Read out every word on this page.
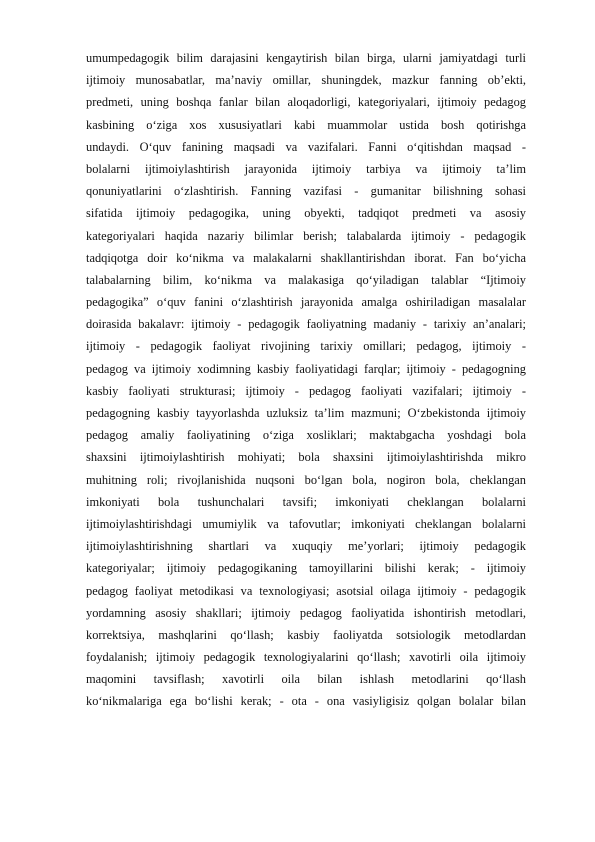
umumpedagogik bilim darajasini kengaytirish bilan birga, ularni jamiyatdagi turli
ijtimoiy munosabatlar, ma’naviy omillar, shuningdek, mazkur fanning ob’ekti,
predmeti, uning boshqa fanlar bilan aloqadorligi, kategoriyalari, ijtimoiy pedagog
kasbining o‘ziga xos xususiyatlari kabi muammolar ustida bosh qotirishga
undaydi. O‘quv fanining maqsadi va vazifalari. Fanni o‘qitishdan maqsad -
bolalarni ijtimoiylashtirish jarayonida ijtimoiy tarbiya va ijtimoiy ta’lim
qonuniyatlarini o‘zlashtirish. Fanning vazifasi - gumanitar bilishning sohasi
sifatida ijtimoiy pedagogika, uning obyekti, tadqiqot predmeti va asosiy
kategoriyalari haqida nazariy bilimlar berish; talabalarda ijtimoiy - pedagogik
tadqiqotga doir ko‘nikma va malakalarni shakllantirishdan iborat. Fan bo‘yicha
talabalarning bilim, ko‘nikma va malakasiga qo‘yiladigan talablar “Ijtimoiy
pedagogika” o‘quv fanini o‘zlashtirish jarayonida amalga oshiriladigan masalalar
doirasida bakalavr: ijtimoiy - pedagogik faoliyatning madaniy - tarixiy an’analari;
ijtimoiy - pedagogik faoliyat rivojining tarixiy omillari; pedagog, ijtimoiy -
pedagog va ijtimoiy xodimning kasbiy faoliyatidagi farqlar; ijtimoiy - pedagogning
kasbiy faoliyati strukturasi; ijtimoiy - pedagog faoliyati vazifalari; ijtimoiy -
pedagogning kasbiy tayyorlashda uzluksiz ta’lim mazmuni; O‘zbekistonda ijtimoiy
pedagog amaliy faoliyatining o‘ziga xosliklari; maktabgacha yoshdagi bola
shaxsini ijtimoiylashtirish mohiyati; bola shaxsini ijtimoiylashtirishda mikro
muhitning roli; rivojlanishida nuqsoni bo‘lgan bola, nogiron bola, cheklangan
imkoniyati bola tushunchalari tavsifi; imkoniyati cheklangan bolalarni
ijtimoiylashtirishdagi umumiylik va tafovutlar; imkoniyati cheklangan bolalarni
ijtimoiylashtirishning shartlari va xuquqiy me’yorlari; ijtimoiy pedagogik
kategoriyalar; ijtimoiy pedagogikaning tamoyillarini bilishi kerak; - ijtimoiy
pedagog faoliyat metodikasi va texnologiyasi; asotsial oilaga ijtimoiy - pedagogik
yordamning asosiy shakllari; ijtimoiy pedagog faoliyatida ishontirish metodlari,
korrektsiya, mashqlarini qo‘llash; kasbiy faoliyatda sotsiologik metodlardan
foydalanish; ijtimoiy pedagogik texnologiyalarini qo‘llash; xavotirli oila ijtimoiy
maqomini tavsiflash; xavotirli oila bilan ishlash metodlarini qo‘llash
ko‘nikmalariga ega bo‘lishi kerak; - ota - ona vasiyligisiz qolgan bolalar bilan
